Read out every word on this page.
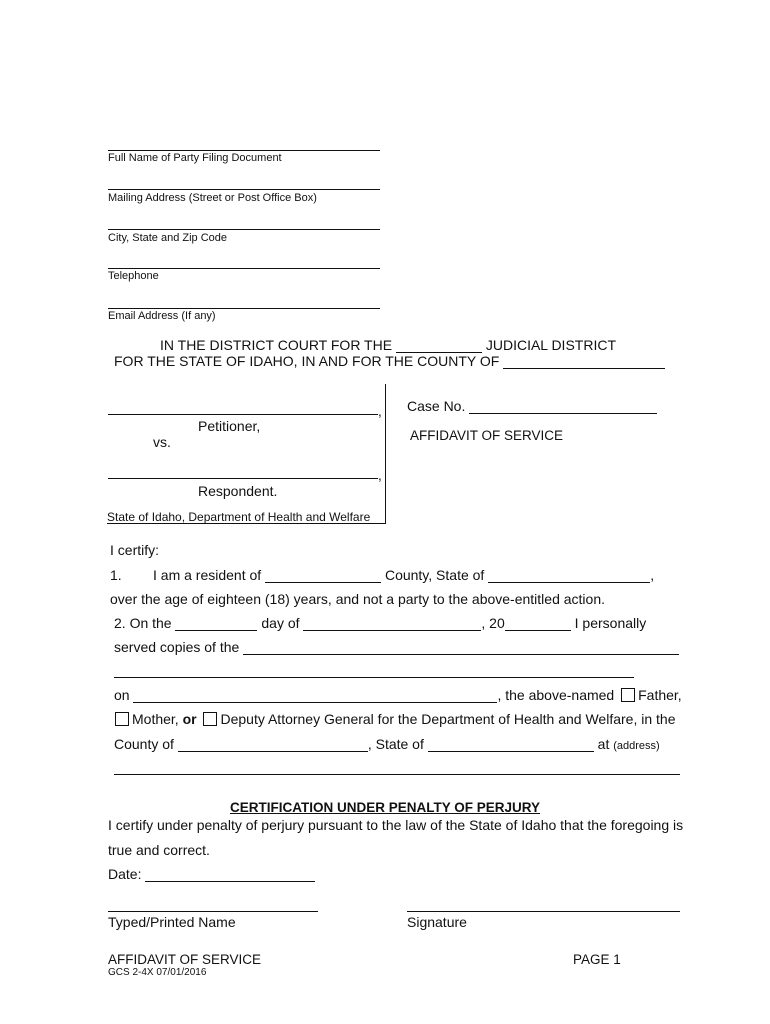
Full Name of Party Filing Document
Mailing Address (Street or Post Office Box)
City, State and Zip Code
Telephone
Email Address (If any)
IN THE DISTRICT COURT FOR THE	JUDICIAL DISTRICT
FOR THE STATE OF IDAHO, IN AND FOR THE COUNTY OF
,
Petitioner,
vs.
,
Respondent.
State of Idaho, Department of Health and Welfare
Case No.
AFFIDAVIT OF SERVICE
I certify:
1. I am a resident of	County, State of	,
over the age of eighteen (18) years, and not a party to the above-entitled action.
2. On the	day of	, 20	I personally
served copies of the
on	, the above-named Father,
Mother, or Deputy Attorney General for the Department of Health and Welfare, in the
County of	, State of	at (address)
CERTIFICATION UNDER PENALTY OF PERJURY
I certify under penalty of perjury pursuant to the law of the State of Idaho that the foregoing is
true and correct.
Date:
Typed/Printed Name	Signature
AFFIDAVIT OF SERVICE
GCS 2-4X 07/01/2016
PAGE 1
